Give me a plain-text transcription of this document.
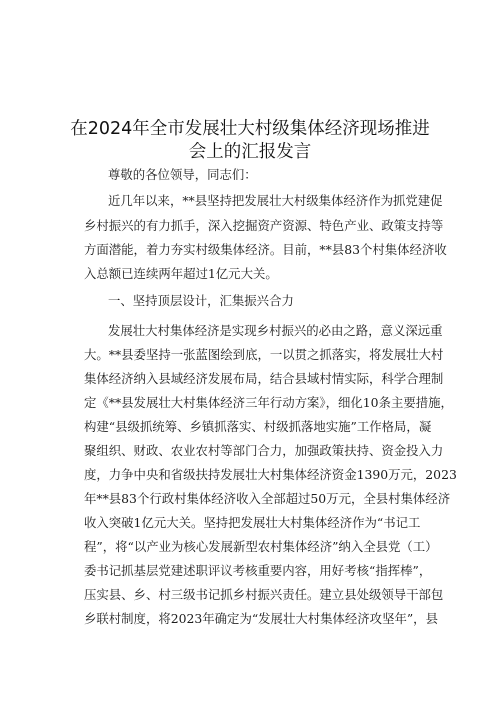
在2024年全市发展壮大村级集体经济现场推进
会上的汇报发言
尊敬的各位领导，同志们：
近几年以来，**县坚持把发展壮大村级集体经济作为抓党建促
乡村振兴的有力抓手，深入挖掘资产资源、特色产业、政策支持等
方面潜能，着力夯实村级集体经济。目前，**县83个村集体经济收
入总额已连续两年超过1亿元大关。
一、坚持顶层设计，汇集振兴合力
发展壮大村集体经济是实现乡村振兴的必由之路，意义深远重
大。**县委坚持一张蓝图绘到底，一以贯之抓落实，将发展壮大村
集体经济纳入县域经济发展布局，结合县域村情实际，科学合理制
定《**县发展壮大村集体经济三年行动方案》，细化10条主要措施，
构建“县级抓统筹、乡镇抓落实、村级抓落地实施”工作格局，凝
聚组织、财政、农业农村等部门合力，加强政策扶持、资金投入力
度，力争中央和省级扶持发展壮大村集体经济资金1390万元，2023
年**县83个行政村集体经济收入全部超过50万元，全县村集体经济
收入突破1亿元大关。坚持把发展壮大村集体经济作为“书记工
程”，将“以产业为核心发展新型农村集体经济”纳入全县党（工）
委书记抓基层党建述职评议考核重要内容，用好考核“指挥棒”，
压实县、乡、村三级书记抓乡村振兴责任。建立县处级领导干部包
乡联村制度，将2023年确定为“发展壮大村集体经济攻坚年”，县
